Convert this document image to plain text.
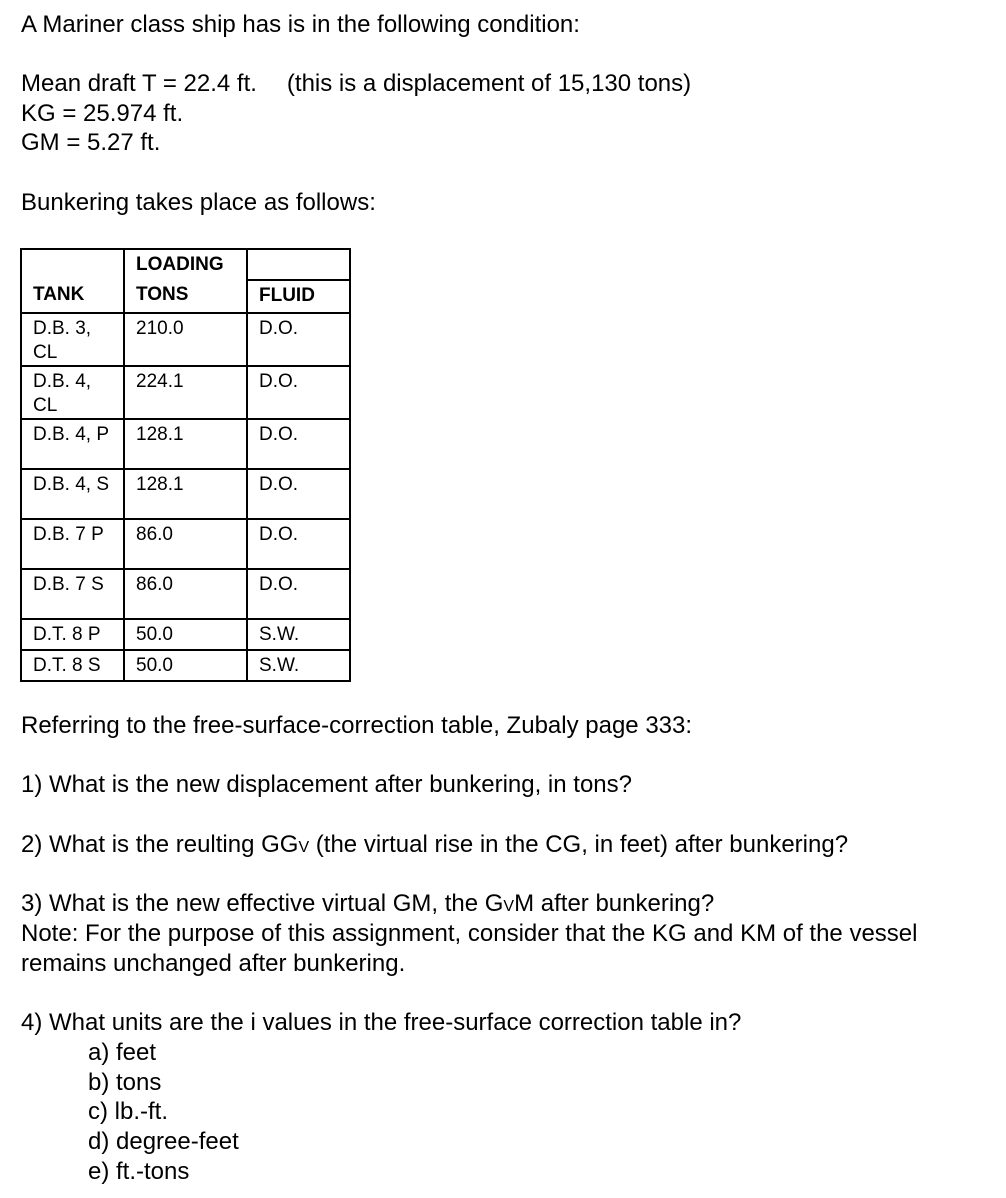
A Mariner class ship has is in the following condition:
Mean draft T = 22.4 ft. (this is a displacement of 15,130 tons)
KG = 25.974 ft.
GM = 5.27 ft.
Bunkering takes place as follows:
	LOADING	
TANK	TONS	FLUID
D.B. 3, CL	210.0	D.O.
D.B. 4, CL	224.1	D.O.
D.B. 4, P	128.1	D.O.
D.B. 4, S	128.1	D.O.
D.B. 7 P	86.0	D.O.
D.B. 7 S	86.0	D.O.
D.T. 8 P	50.0	S.W.
D.T. 8 S	50.0	S.W.
Referring to the free-surface-correction table, Zubaly page 333:
1) What is the new displacement after bunkering, in tons?
2) What is the reulting GGV (the virtual rise in the CG, in feet) after bunkering?
3) What is the new effective virtual GM, the GVM after bunkering?
Note: For the purpose of this assignment, consider that the KG and KM of the vessel
remains unchanged after bunkering.
4) What units are the i values in the free-surface correction table in?
a) feet
b) tons
c) lb.-ft.
d) degree-feet
e) ft.-tons
